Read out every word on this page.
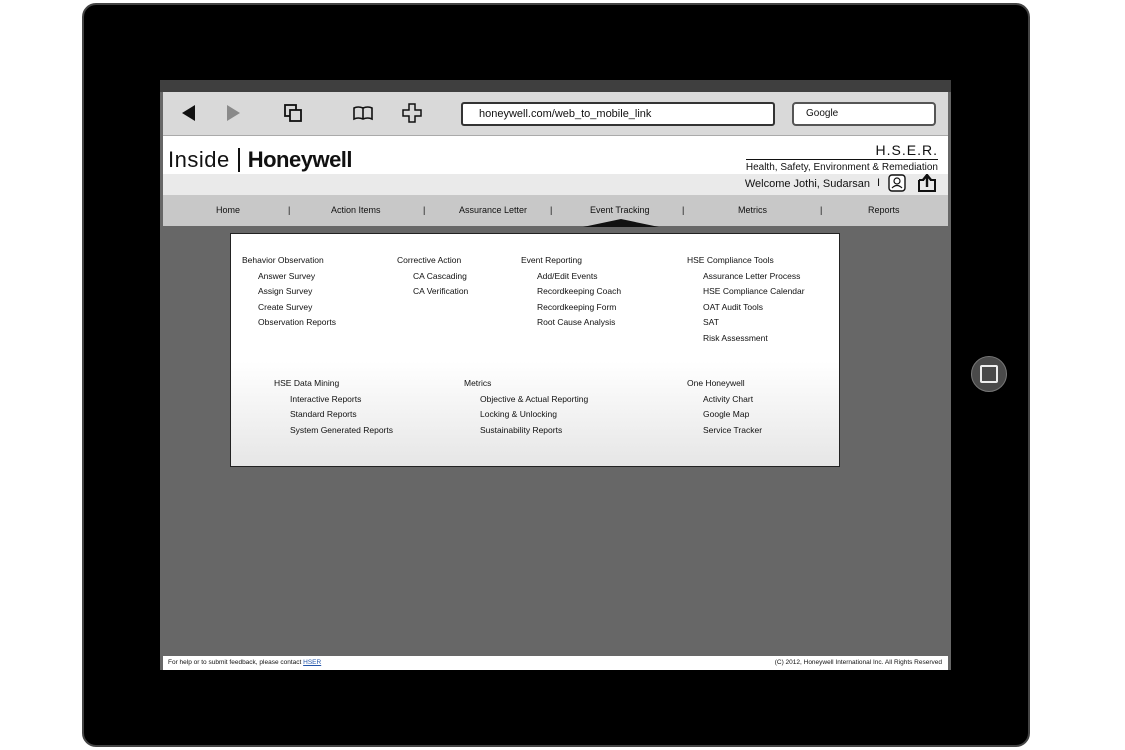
honeywell.com/web_to_mobile_link	Google
Inside Honeywell	H.S.E.R.
Health, Safety, Environment & Remediation
Welcome Jothi, Sudarsan I
Home	|	Action Items	|	Assurance Letter	|	Event Tracking	|	Metrics	|	Reports
Behavior Observation
Answer Survey
Assign Survey
Create Survey
Observation Reports
Corrective Action
CA Cascading
CA Verification
Event Reporting
Add/Edit Events
Recordkeeping Coach
Recordkeeping Form
Root Cause Analysis
HSE Compliance Tools
Assurance Letter Process
HSE Compliance Calendar
OAT Audit Tools
SAT
Risk Assessment
HSE Data Mining
Interactive Reports
Standard Reports
System Generated Reports
Metrics
Objective & Actual Reporting
Locking & Unlocking
Sustainability Reports
One Honeywell
Activity Chart
Google Map
Service Tracker
For help or to submit feedback, please contact HSER	(C) 2012, Honeywell International Inc. All Rights Reserved
